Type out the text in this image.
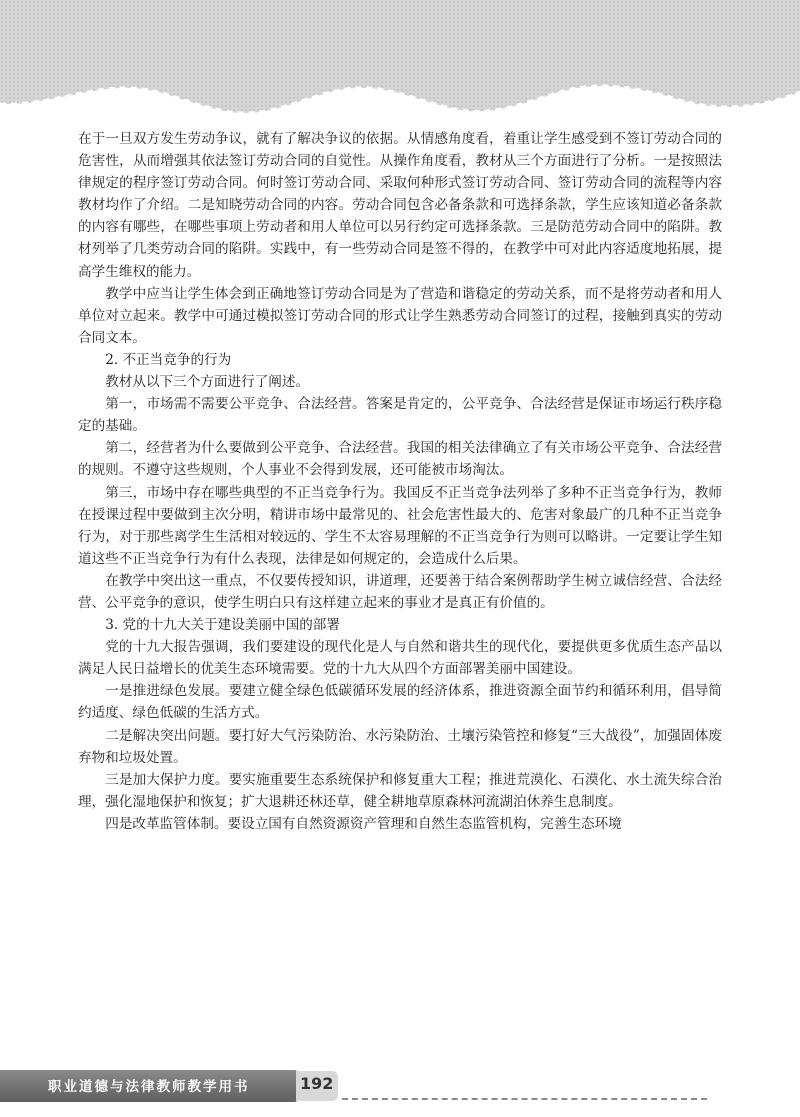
在于一旦双方发生劳动争议，就有了解决争议的依据。从情感角度看，着重让学生感受到不签订劳动合同的危害性，从而增强其依法签订劳动合同的自觉性。从操作角度看，教材从三个方面进行了分析。一是按照法律规定的程序签订劳动合同。何时签订劳动合同、采取何种形式签订劳动合同、签订劳动合同的流程等内容教材均作了介绍。二是知晓劳动合同的内容。劳动合同包含必备条款和可选择条款，学生应该知道必备条款的内容有哪些，在哪些事项上劳动者和用人单位可以另行约定可选择条款。三是防范劳动合同中的陷阱。教材列举了几类劳动合同的陷阱。实践中，有一些劳动合同是签不得的，在教学中可对此内容适度地拓展，提高学生维权的能力。

教学中应当让学生体会到正确地签订劳动合同是为了营造和谐稳定的劳动关系，而不是将劳动者和用人单位对立起来。教学中可通过模拟签订劳动合同的形式让学生熟悉劳动合同签订的过程，接触到真实的劳动合同文本。

2. 不正当竞争的行为

教材从以下三个方面进行了阐述。

第一，市场需不需要公平竞争、合法经营。答案是肯定的，公平竞争、合法经营是保证市场运行秩序稳定的基础。

第二，经营者为什么要做到公平竞争、合法经营。我国的相关法律确立了有关市场公平竞争、合法经营的规则。不遵守这些规则，个人事业不会得到发展，还可能被市场淘汰。

第三，市场中存在哪些典型的不正当竞争行为。我国反不正当竞争法列举了多种不正当竞争行为，教师在授课过程中要做到主次分明，精讲市场中最常见的、社会危害性最大的、危害对象最广的几种不正当竞争行为，对于那些离学生生活相对较远的、学生不太容易理解的不正当竞争行为则可以略讲。一定要让学生知道这些不正当竞争行为有什么表现，法律是如何规定的，会造成什么后果。

在教学中突出这一重点，不仅要传授知识，讲道理，还要善于结合案例帮助学生树立诚信经营、合法经营、公平竞争的意识，使学生明白只有这样建立起来的事业才是真正有价值的。

3. 党的十九大关于建设美丽中国的部署

党的十九大报告强调，我们要建设的现代化是人与自然和谐共生的现代化，要提供更多优质生态产品以满足人民日益增长的优美生态环境需要。党的十九大从四个方面部署美丽中国建设。

一是推进绿色发展。要建立健全绿色低碳循环发展的经济体系，推进资源全面节约和循环利用，倡导简约适度、绿色低碳的生活方式。

二是解决突出问题。要打好大气污染防治、水污染防治、土壤污染管控和修复“三大战役”，加强固体废弃物和垃圾处置。

三是加大保护力度。要实施重要生态系统保护和修复重大工程；推进荒漠化、石漠化、水土流失综合治理，强化湿地保护和恢复；扩大退耕还林还草，健全耕地草原森林河流湖泊休养生息制度。

四是改革监管体制。要设立国有自然资源资产管理和自然生态监管机构，完善生态环境

职业道德与法律教师教学用书	192
